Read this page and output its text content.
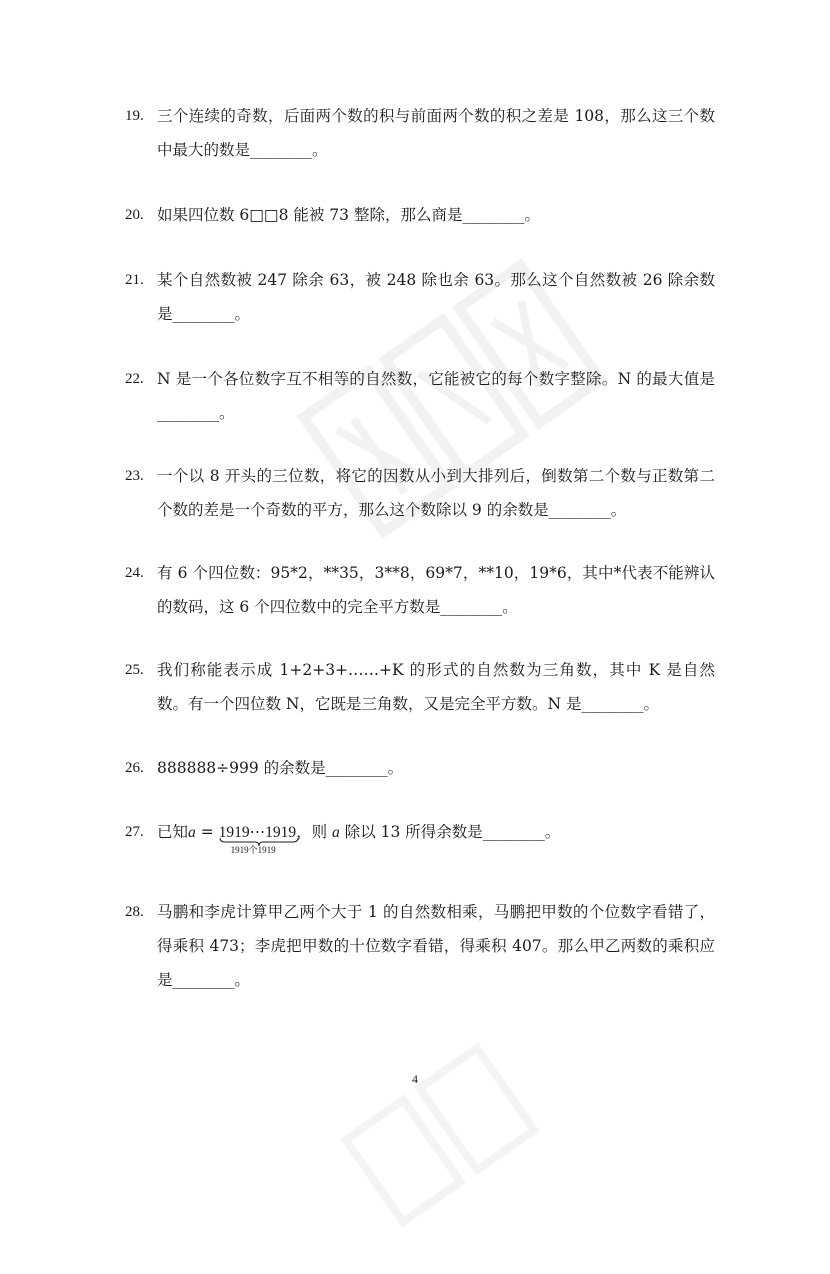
19. 三个连续的奇数，后面两个数的积与前面两个数的积之差是 108，那么这三个数中最大的数是________。
20. 如果四位数 6□□8 能被 73 整除，那么商是________。
21. 某个自然数被 247 除余 63，被 248 除也余 63。那么这个自然数被 26 除余数是________。
22. N 是一个各位数字互不相等的自然数，它能被它的每个数字整除。N 的最大值是________。
23. 一个以 8 开头的三位数，将它的因数从小到大排列后，倒数第二个数与正数第二个数的差是一个奇数的平方，那么这个数除以 9 的余数是________。
24. 有 6 个四位数：95*2，**35，3**8，69*7，**10，19*6，其中*代表不能辨认的数码，这 6 个四位数中的完全平方数是________。
25. 我们称能表示成 1+2+3+……+K 的形式的自然数为三角数，其中 K 是自然数。有一个四位数 N，它既是三角数，又是完全平方数。N 是________。
26. 888888÷999 的余数是________。
27. 已知a = 1919⋯1919
1919个1919
，则 a 除以 13 所得余数是________。
28. 马鹏和李虎计算甲乙两个大于 1 的自然数相乘，马鹏把甲数的个位数字看错了，得乘积 473；李虎把甲数的十位数字看错，得乘积 407。那么甲乙两数的乘积应是________。
4
